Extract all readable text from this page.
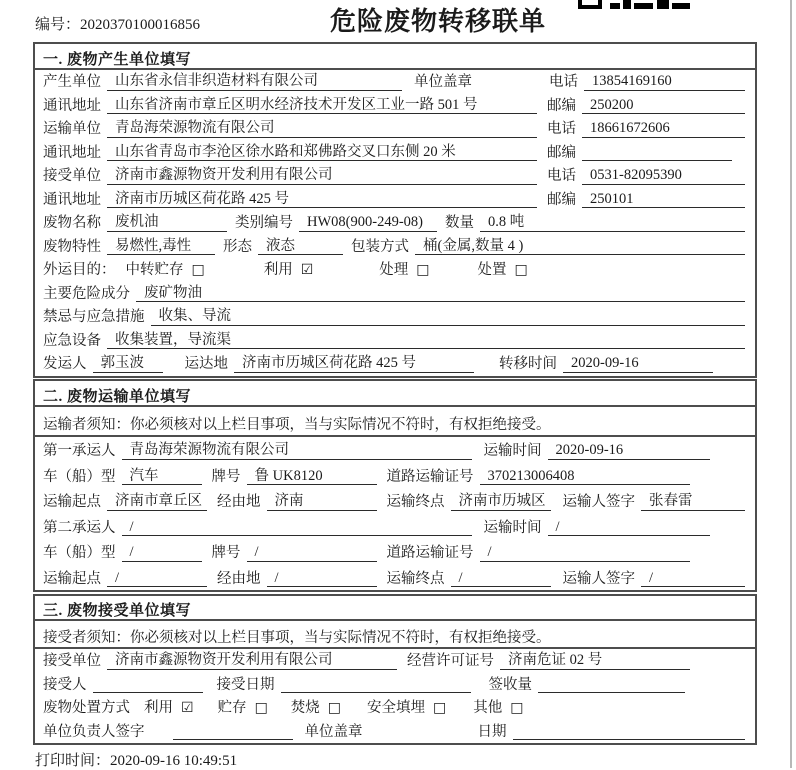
编号：2020370100016856	危险废物转移联单
一. 废物产生单位填写
产生单位 山东省永信非织造材料有限公司	单位盖章	电话 13854169160
通讯地址 山东省济南市章丘区明水经济技术开发区工业一路 501 号	邮编 250200
运输单位 青岛海荣源物流有限公司	电话 18661672606
通讯地址 山东省青岛市李沧区徐水路和郑佛路交叉口东侧 20 米	邮编
接受单位 济南市鑫源物资开发利用有限公司	电话 0531-82095390
通讯地址 济南市历城区荷花路 425 号	邮编 250101
废物名称 废机油	类别编号 HW08(900-249-08)	数量 0.8 吨
废物特性 易燃性,毒性	形态 液态	包装方式 桶(金属,数量 4 )
外运目的： 中转贮存 □	利用 ☑	处理 □	处置 □
主要危险成分 废矿物油
禁忌与应急措施 收集、导流
应急设备 收集装置，导流渠
发运人 郭玉波	运达地 济南市历城区荷花路 425 号	转移时间 2020-09-16
二. 废物运输单位填写
运输者须知：你必须核对以上栏目事项，当与实际情况不符时，有权拒绝接受。
第一承运人 青岛海荣源物流有限公司	运输时间 2020-09-16
车（船）型 汽车	牌号 鲁 UK8120	道路运输证号 370213006408
运输起点 济南市章丘区	经由地 济南	运输终点 济南市历城区	运输人签字 张春雷
第二承运人 /	运输时间 /
车（船）型 /	牌号 /	道路运输证号 /
运输起点 /	经由地 /	运输终点 /	运输人签字 /
三. 废物接受单位填写
接受者须知：你必须核对以上栏目事项，当与实际情况不符时，有权拒绝接受。
接受单位 济南市鑫源物资开发利用有限公司	经营许可证号 济南危证 02 号
接受人	接受日期	签收量
废物处置方式 利用 ☑ 贮存 □ 焚烧 □ 安全填埋 □ 其他 □
单位负责人签字	单位盖章	日期
打印时间：2020-09-16 10:49:51
